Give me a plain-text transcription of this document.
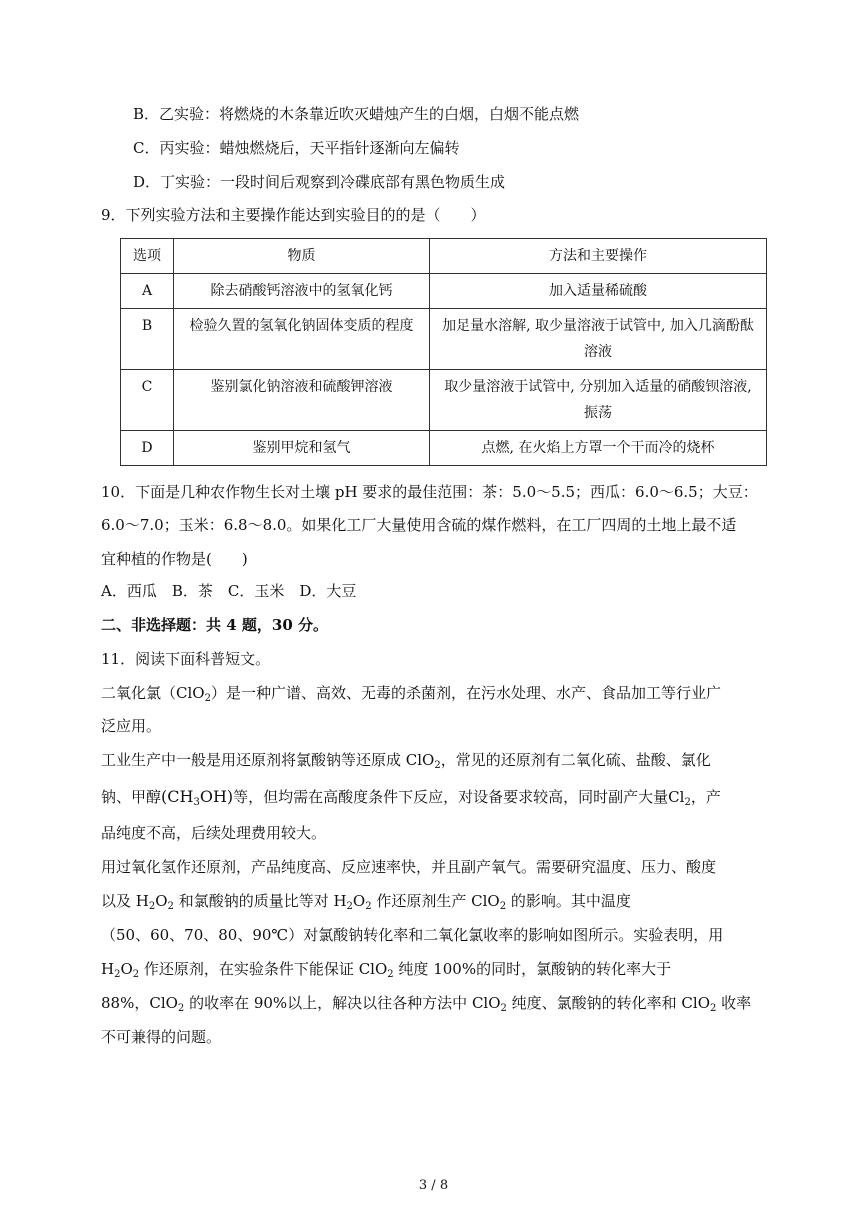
B．乙实验：将燃烧的木条靠近吹灭蜡烛产生的白烟，白烟不能点燃
C．丙实验：蜡烛燃烧后，天平指针逐渐向左偏转
D．丁实验：一段时间后观察到冷碟底部有黑色物质生成
9．下列实验方法和主要操作能达到实验目的的是（　　）
选项	物质	方法和主要操作
A	除去硝酸钙溶液中的氢氧化钙	加入适量稀硫酸
B	检验久置的氢氧化钠固体变质的程度	加足量水溶解, 取少量溶液于试管中, 加入几滴酚酞溶液
C	鉴别氯化钠溶液和硫酸钾溶液	取少量溶液于试管中, 分别加入适量的硝酸钡溶液, 振荡
D	鉴别甲烷和氢气	点燃, 在火焰上方罩一个干而冷的烧杯
10．下面是几种农作物生长对土壤 pH 要求的最佳范围：茶：5.0～5.5；西瓜：6.0～6.5；大豆：
6.0～7.0；玉米：6.8～8.0。如果化工厂大量使用含硫的煤作燃料，在工厂四周的土地上最不适
宜种植的作物是(　　)
A．西瓜　B．茶　C．玉米　D．大豆
二、非选择题：共 4 题，30 分。
11．阅读下面科普短文。
二氧化氯（ClO$_2$）是一种广谱、高效、无毒的杀菌剂，在污水处理、水产、食品加工等行业广
泛应用。
工业生产中一般是用还原剂将氯酸钠等还原成 ClO$_2$，常见的还原剂有二氧化硫、盐酸、氯化
钠、甲醇$(CH_3OH)$等，但均需在高酸度条件下反应，对设备要求较高，同时副产大量$Cl_2$，产
品纯度不高，后续处理费用较大。
用过氧化氢作还原剂，产品纯度高、反应速率快，并且副产氧气。需要研究温度、压力、酸度
以及 $H_2O_2$ 和氯酸钠的质量比等对 $H_2O_2$ 作还原剂生产 ClO$_2$ 的影响。其中温度
（50、60、70、80、90℃）对氯酸钠转化率和二氧化氯收率的影响如图所示。实验表明，用
$H_2O_2$ 作还原剂，在实验条件下能保证 ClO$_2$ 纯度 100%的同时，氯酸钠的转化率大于
88%，ClO$_2$ 的收率在 90%以上，解决以往各种方法中 ClO$_2$ 纯度、氯酸钠的转化率和 ClO$_2$ 收率
不可兼得的问题。
3 / 8
